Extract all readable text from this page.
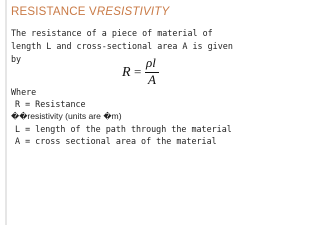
RESISTANCE VRESISTIVITY
The resistance of a piece of material of
length L and cross-sectional area A is given
by
R =
ρl
A
Where
R = Resistance
��resistivity (units are �m)
L = length of the path through the material
A = cross sectional area of the material
